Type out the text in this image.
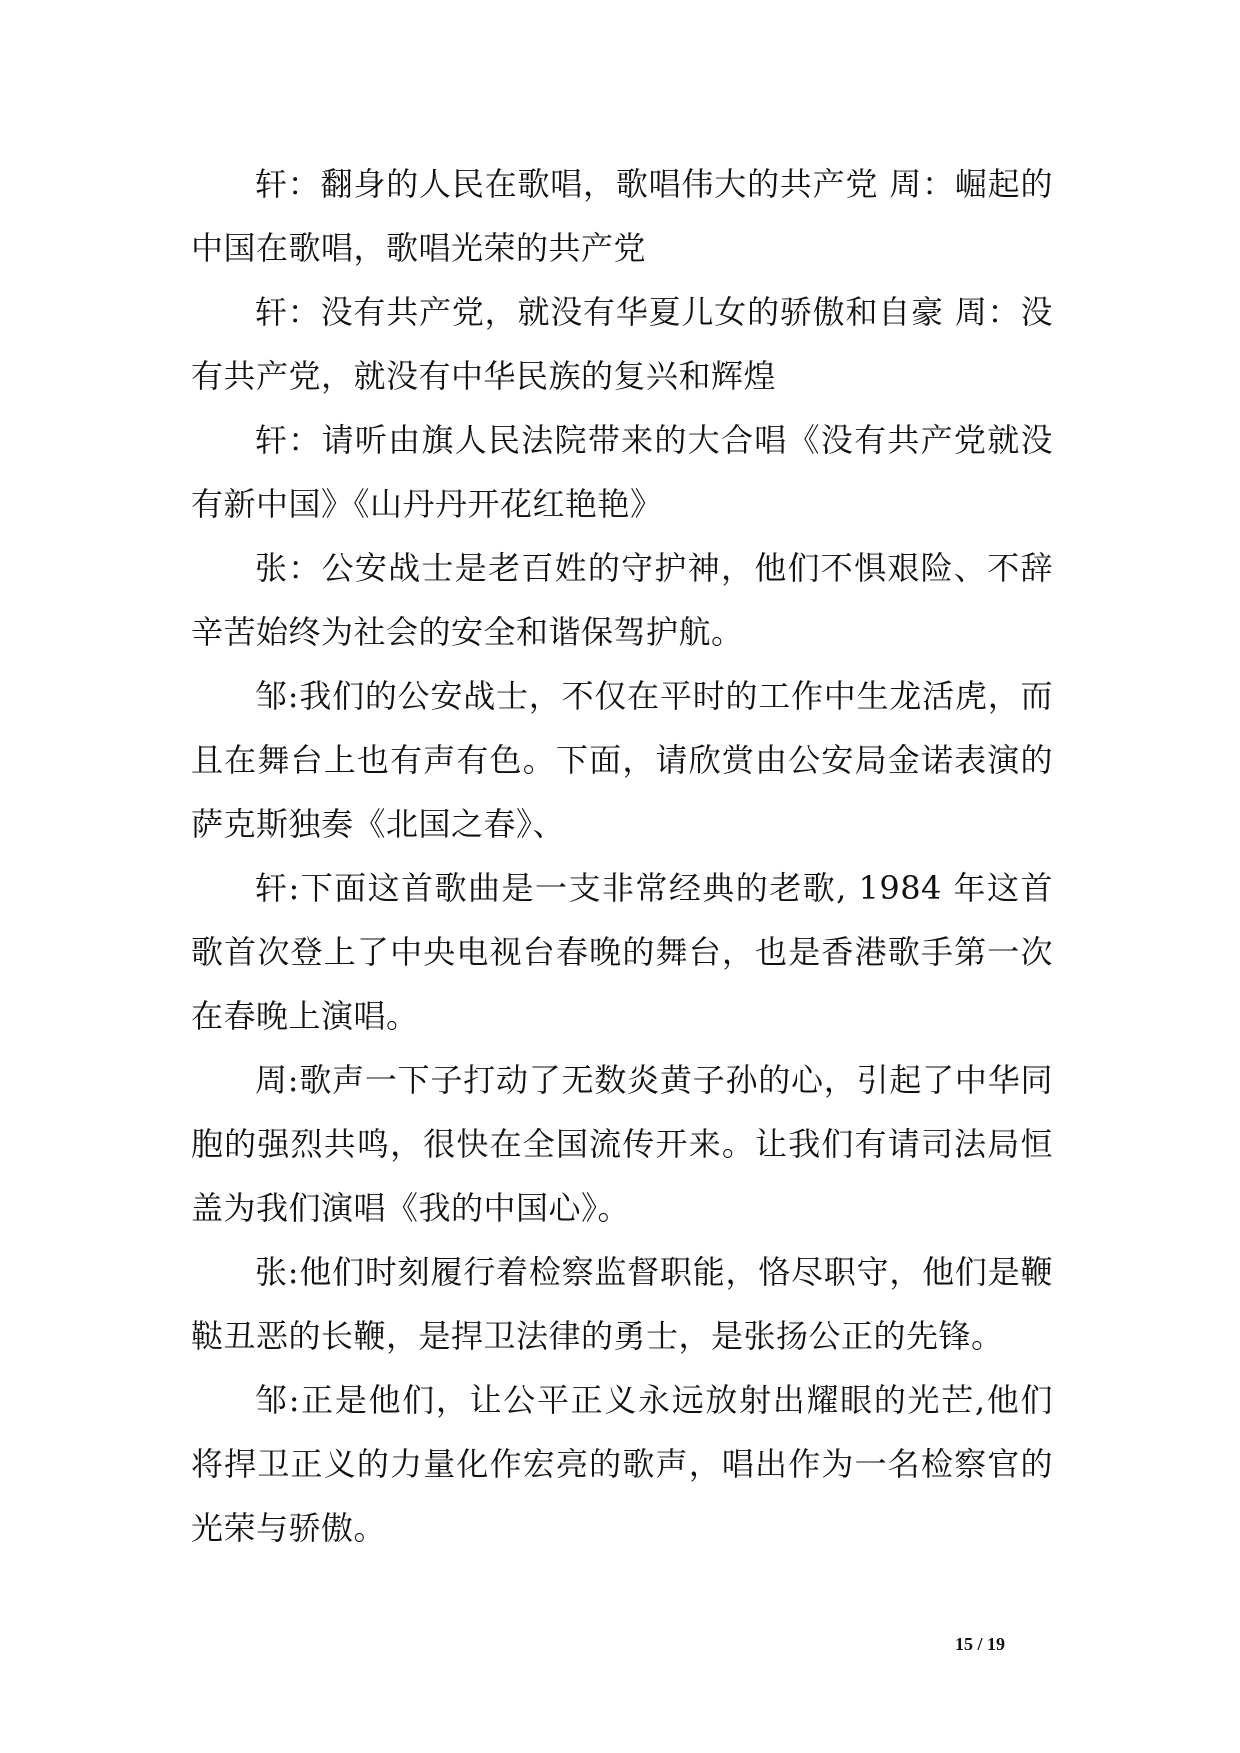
轩：翻身的人民在歌唱，歌唱伟大的共产党 周：崛起的中国在歌唱，歌唱光荣的共产党

轩：没有共产党，就没有华夏儿女的骄傲和自豪 周：没有共产党，就没有中华民族的复兴和辉煌

轩：请听由旗人民法院带来的大合唱《没有共产党就没有新中国》《山丹丹开花红艳艳》

张：公安战士是老百姓的守护神，他们不惧艰险、不辞辛苦始终为社会的安全和谐保驾护航。

邹:我们的公安战士，不仅在平时的工作中生龙活虎，而且在舞台上也有声有色。下面，请欣赏由公安局金诺表演的萨克斯独奏《北国之春》、

轩:下面这首歌曲是一支非常经典的老歌, 1984 年这首歌首次登上了中央电视台春晚的舞台，也是香港歌手第一次在春晚上演唱。

周:歌声一下子打动了无数炎黄子孙的心，引起了中华同胞的强烈共鸣，很快在全国流传开来。让我们有请司法局恒盖为我们演唱《我的中国心》。

张:他们时刻履行着检察监督职能，恪尽职守，他们是鞭鞑丑恶的长鞭，是捍卫法律的勇士，是张扬公正的先锋。

邹:正是他们，让公平正义永远放射出耀眼的光芒,他们将捍卫正义的力量化作宏亮的歌声，唱出作为一名检察官的光荣与骄傲。

15 / 19
